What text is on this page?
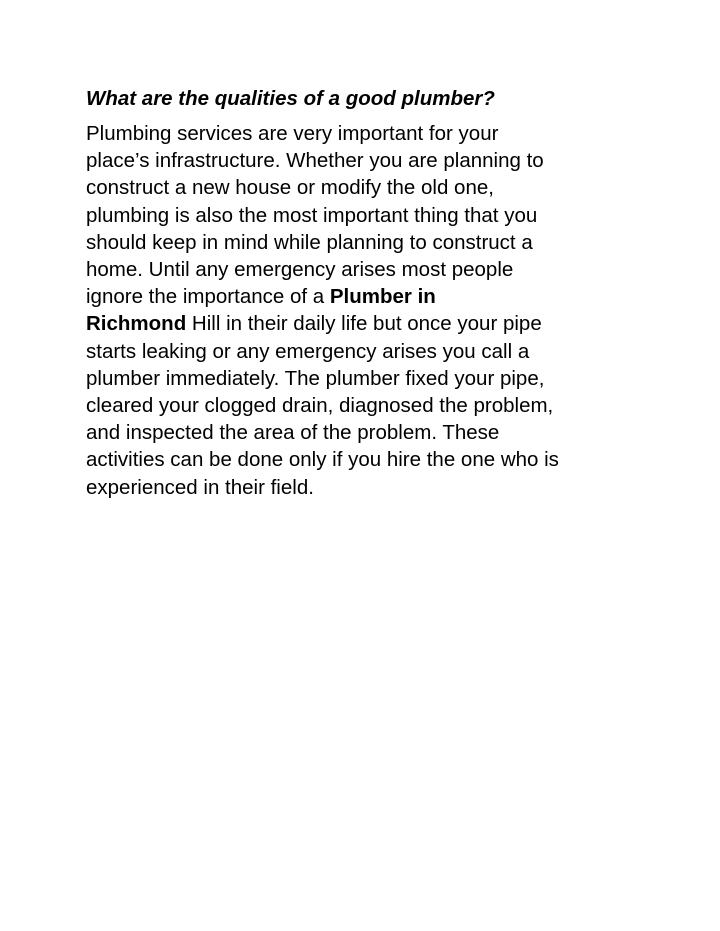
What are the qualities of a good plumber?

Plumbing services are very important for your
place’s infrastructure. Whether you are planning to
construct a new house or modify the old one,
plumbing is also the most important thing that you
should keep in mind while planning to construct a
home. Until any emergency arises most people
ignore the importance of a Plumber in
Richmond Hill in their daily life but once your pipe
starts leaking or any emergency arises you call a
plumber immediately. The plumber fixed your pipe,
cleared your clogged drain, diagnosed the problem,
and inspected the area of the problem. These
activities can be done only if you hire the one who is
experienced in their field.
